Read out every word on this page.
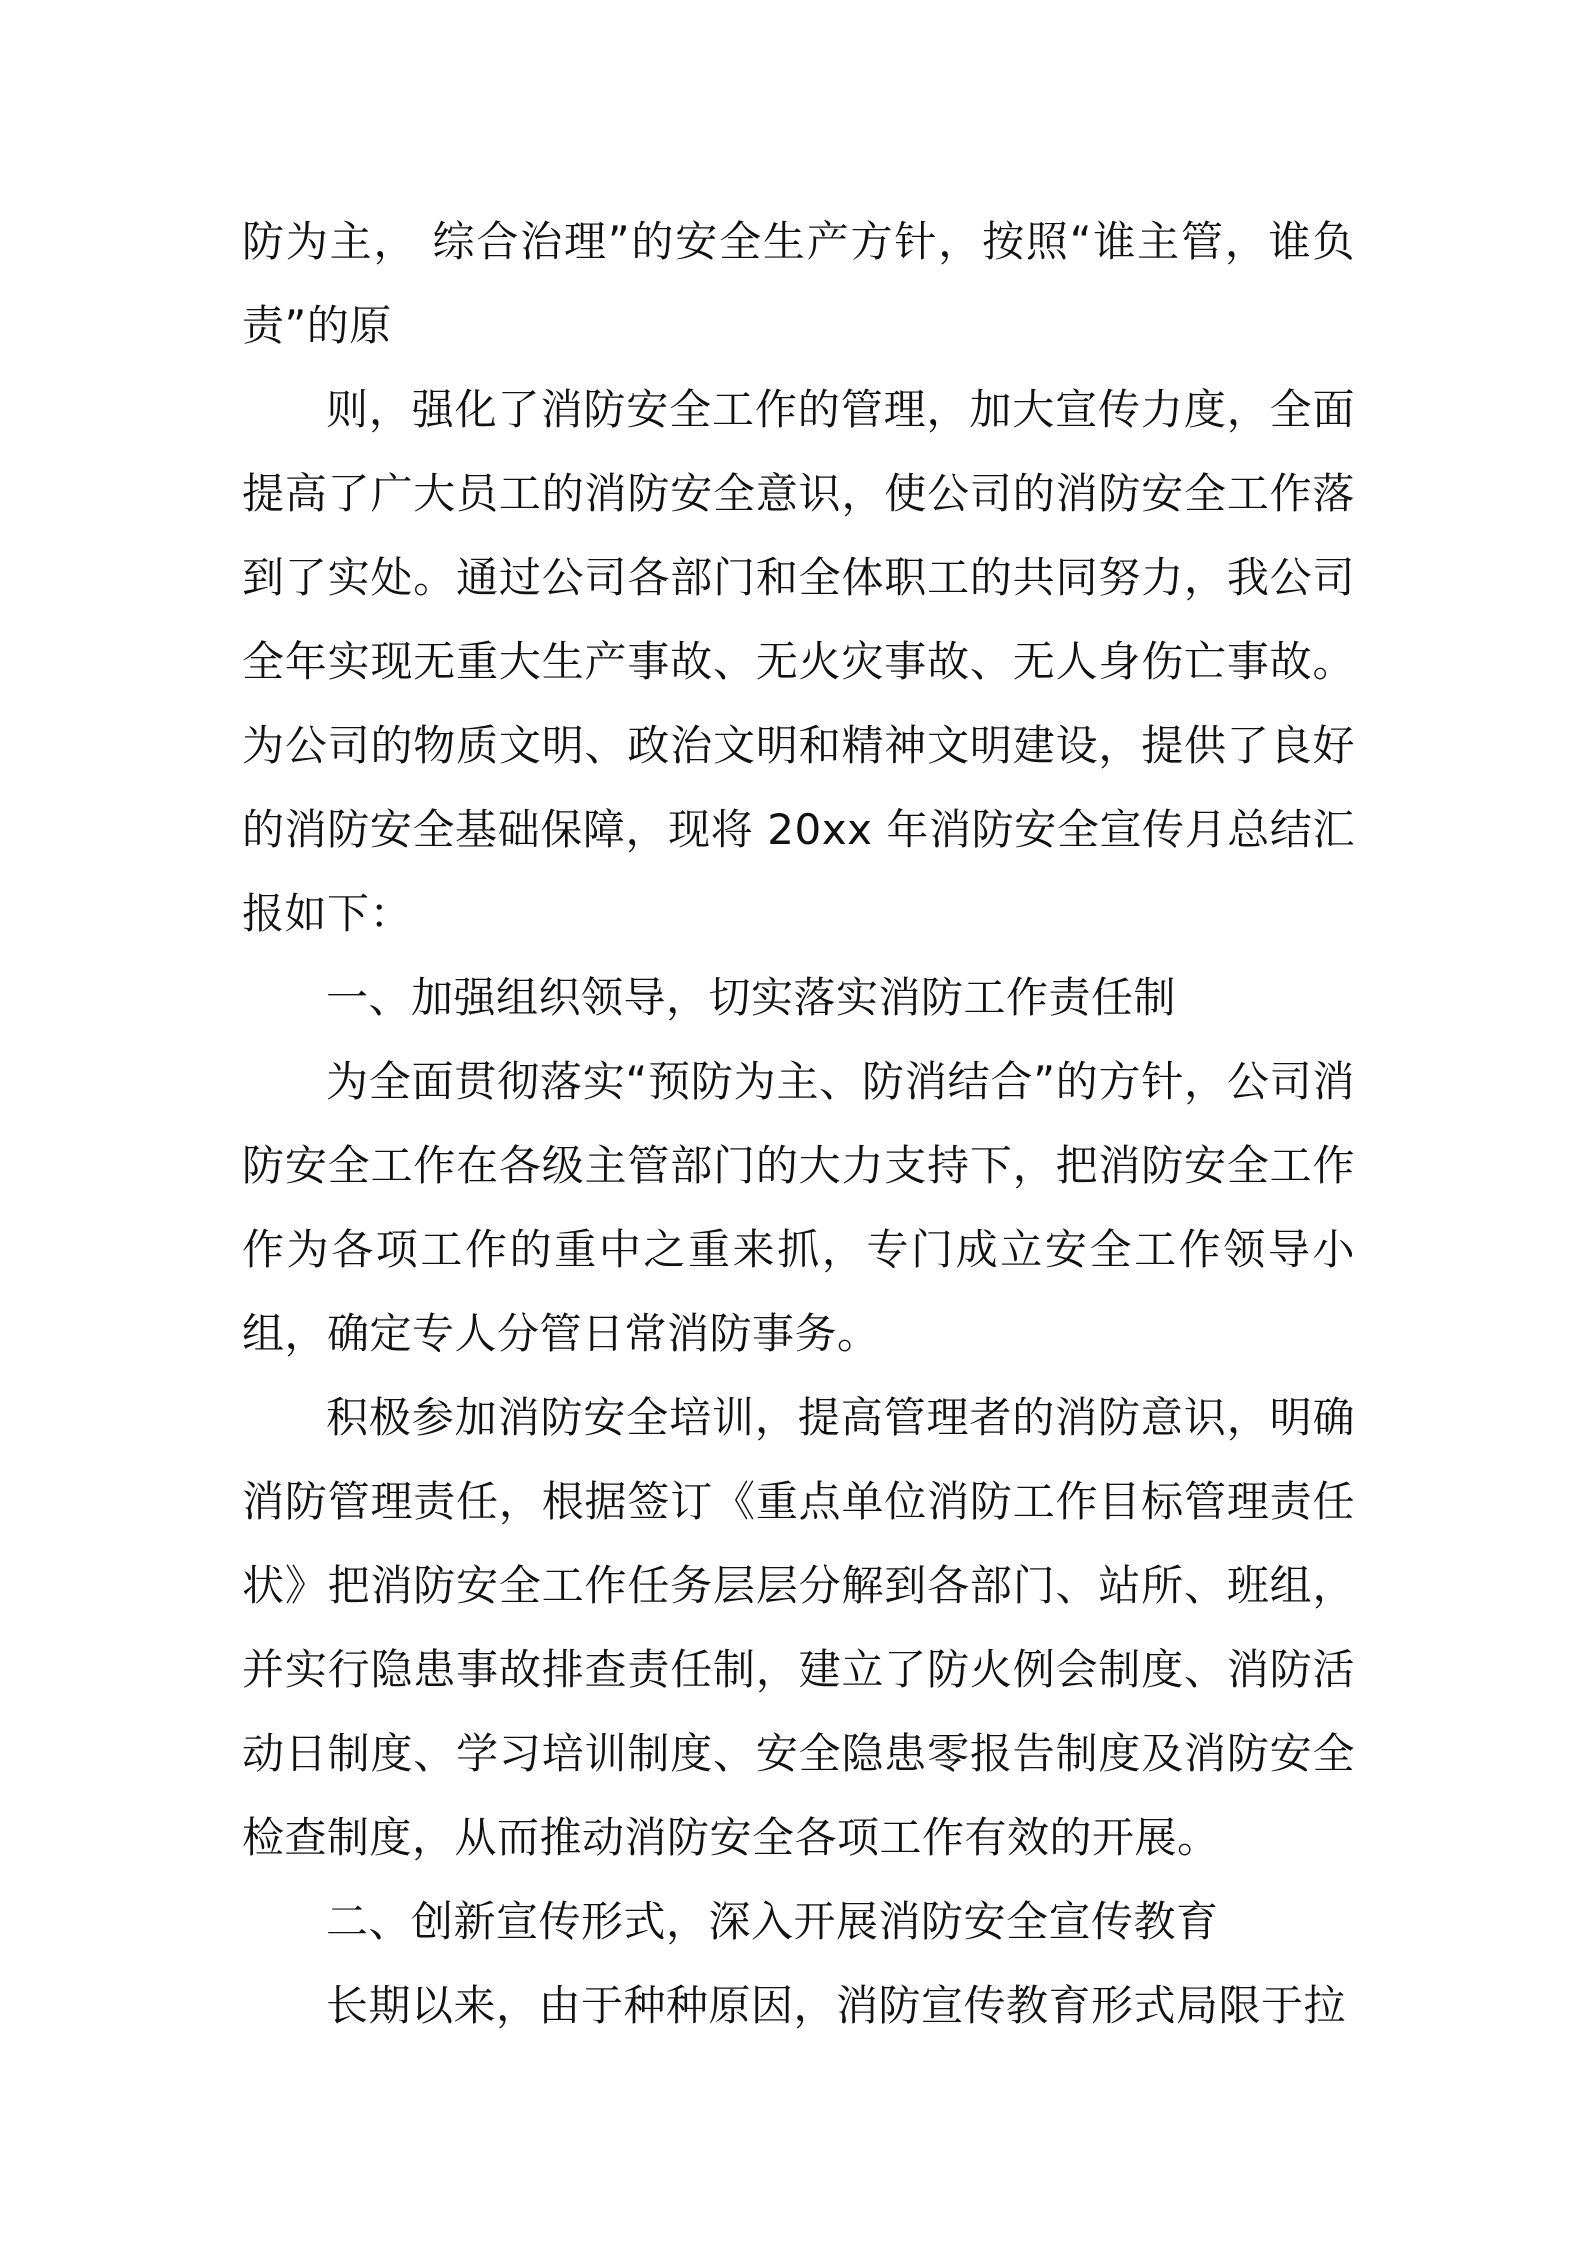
防为主， 综合治理”的安全生产方针，按照“谁主管，谁负责”的原

则，强化了消防安全工作的管理，加大宣传力度，全面提高了广大员工的消防安全意识，使公司的消防安全工作落到了实处。通过公司各部门和全体职工的共同努力，我公司全年实现无重大生产事故、无火灾事故、无人身伤亡事故。为公司的物质文明、政治文明和精神文明建设，提供了良好的消防安全基础保障，现将 20xx 年消防安全宣传月总结汇报如下：

一、加强组织领导，切实落实消防工作责任制

为全面贯彻落实“预防为主、防消结合”的方针，公司消防安全工作在各级主管部门的大力支持下，把消防安全工作作为各项工作的重中之重来抓，专门成立安全工作领导小组，确定专人分管日常消防事务。

积极参加消防安全培训，提高管理者的消防意识，明确消防管理责任，根据签订《重点单位消防工作目标管理责任状》把消防安全工作任务层层分解到各部门、站所、班组，并实行隐患事故排查责任制，建立了防火例会制度、消防活动日制度、学习培训制度、安全隐患零报告制度及消防安全检查制度，从而推动消防安全各项工作有效的开展。

二、创新宣传形式，深入开展消防安全宣传教育

长期以来，由于种种原因，消防宣传教育形式局限于拉
